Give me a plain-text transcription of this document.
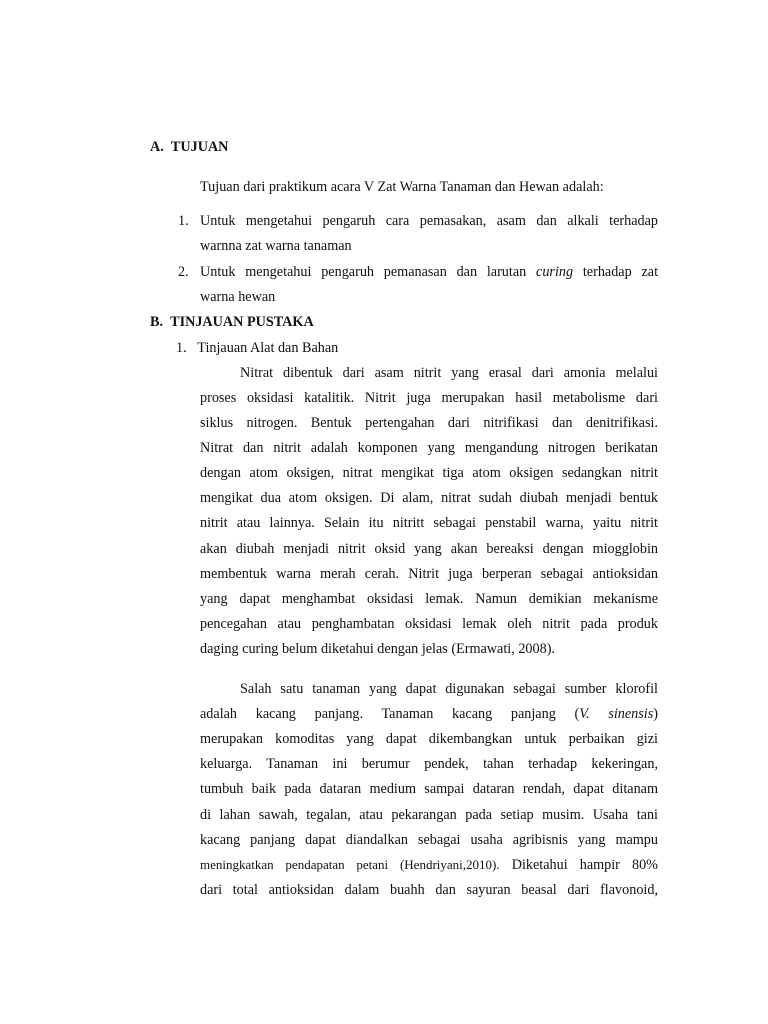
A. TUJUAN
Tujuan dari praktikum acara V Zat Warna Tanaman dan Hewan adalah:
1. Untuk mengetahui pengaruh cara pemasakan, asam dan alkali terhadap
warnna zat warna tanaman
2. Untuk mengetahui pengaruh pemanasan dan larutan curing terhadap zat
warna hewan
B. TINJAUAN PUSTAKA
1. Tinjauan Alat dan Bahan
Nitrat dibentuk dari asam nitrit yang erasal dari amonia melalui
proses oksidasi katalitik. Nitrit juga merupakan hasil metabolisme dari
siklus nitrogen. Bentuk pertengahan dari nitrifikasi dan denitrifikasi.
Nitrat dan nitrit adalah komponen yang mengandung nitrogen berikatan
dengan atom oksigen, nitrat mengikat tiga atom oksigen sedangkan nitrit
mengikat dua atom oksigen. Di alam, nitrat sudah diubah menjadi bentuk
nitrit atau lainnya. Selain itu nitritt sebagai penstabil warna, yaitu nitrit
akan diubah menjadi nitrit oksid yang akan bereaksi dengan miogglobin
membentuk warna merah cerah. Nitrit juga berperan sebagai antioksidan
yang dapat menghambat oksidasi lemak. Namun demikian mekanisme
pencegahan atau penghambatan oksidasi lemak oleh nitrit pada produk
daging curing belum diketahui dengan jelas (Ermawati, 2008).
Salah satu tanaman yang dapat digunakan sebagai sumber klorofil
adalah kacang panjang. Tanaman kacang panjang (V. sinensis)
merupakan komoditas yang dapat dikembangkan untuk perbaikan gizi
keluarga. Tanaman ini berumur pendek, tahan terhadap kekeringan,
tumbuh baik pada dataran medium sampai dataran rendah, dapat ditanam
di lahan sawah, tegalan, atau pekarangan pada setiap musim. Usaha tani
kacang panjang dapat diandalkan sebagai usaha agribisnis yang mampu
meningkatkan pendapatan petani (Hendriyani,2010). Diketahui hampir 80%
dari total antioksidan dalam buahh dan sayuran beasal dari flavonoid,
